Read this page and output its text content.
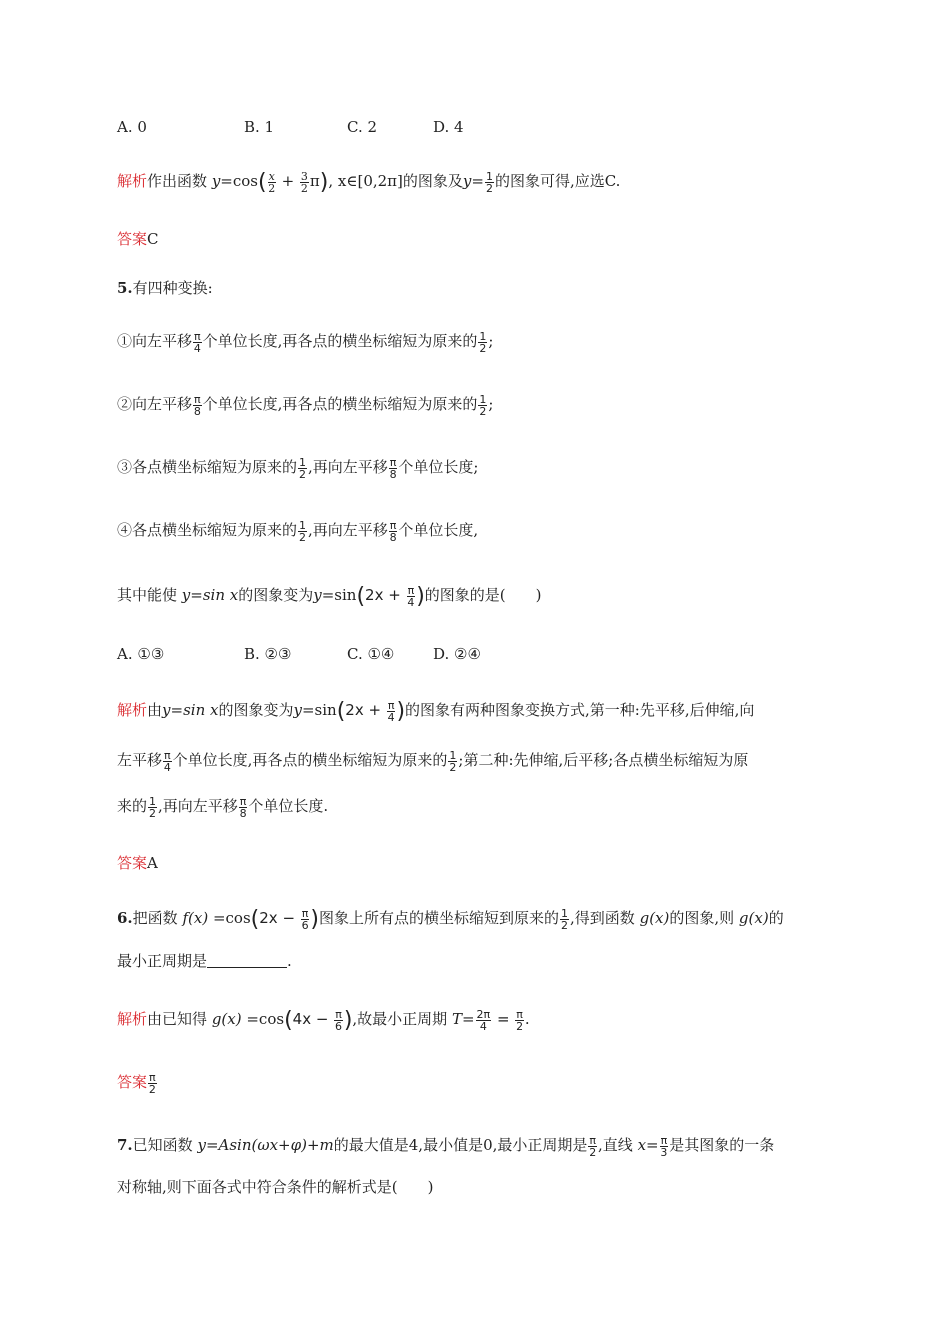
A. 0	B. 1	C. 2	D. 4
解析作出函数 $y=\cos( \frac{x}{2} + \frac{3}{2} \pi)$, x∈[0,2π]的图象及$y= \frac{1}{2}$ 的图象可得,应选C.
答案C
5.有四种变换:
①向左平移 $\frac{\pi}{4}$ 个单位长度,再各点的横坐标缩短为原来的 $\frac{1}{2}$ ;
②向左平移 $\frac{\pi}{8}$ 个单位长度,再各点的横坐标缩短为原来的 $\frac{1}{2}$ ;
③各点横坐标缩短为原来的 $\frac{1}{2}$ ,再向左平移 $\frac{\pi}{8}$ 个单位长度;
④各点横坐标缩短为原来的 $\frac{1}{2}$ ,再向左平移 $\frac{\pi}{8}$ 个单位长度,
其中能使 y=sin x的图象变为$y=\sin(2x + \frac{\pi}{4}$ )的图象的是(　　)
A. ①③	B. ②③	C. ①④	D. ②④
解析由y=sin x的图象变为$y=\sin(2x + \frac{\pi}{4}$ )的图象有两种图象变换方式,第一种:先平移,后伸缩,向
左平移 $\frac{\pi}{4}$ 个单位长度,再各点的横坐标缩短为原来的 $\frac{1}{2}$ ;第二种:先伸缩,后平移;各点横坐标缩短为原
来的 $\frac{1}{2}$ ,再向左平移 $\frac{\pi}{8}$ 个单位长度.
答案A
6.把函数 $f(x) =\cos(2x - \frac{\pi}{6}$ )图象上所有点的横坐标缩短到原来的 $\frac{1}{2}$ ,得到函数 g(x)的图象,则 g(x)的
最小正周期是	.
解析由已知得 $g(x) =\cos(4x - \frac{\pi}{6}$ ),故最小正周期 $T= \frac{2\pi}{4} = \frac{\pi}{2}$ .
答案 $\frac{\pi}{2}$
7.已知函数 y=Asin(ωx+φ)+m的最大值是4,最小值是0,最小正周期是 $\frac{\pi}{2}$ ,直线 $x= \frac{\pi}{3}$ 是其图象的一条
对称轴,则下面各式中符合条件的解析式是(　　)
